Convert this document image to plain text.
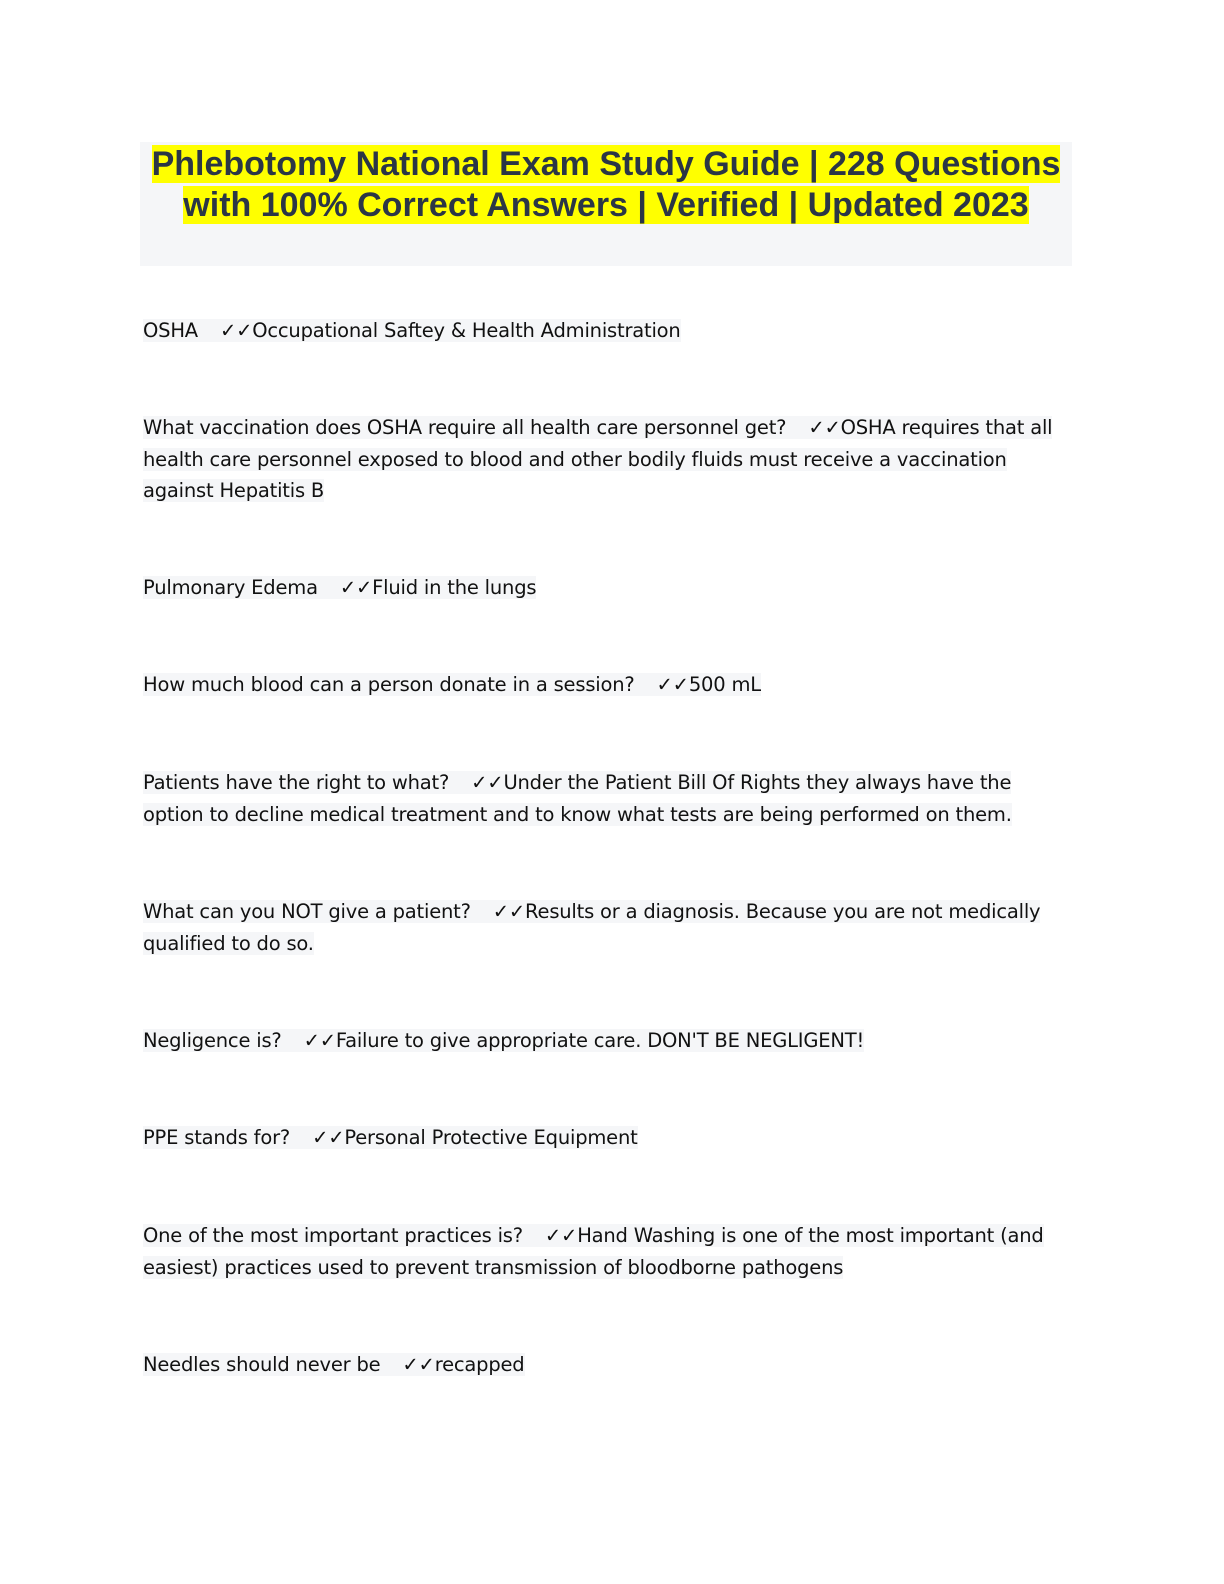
Phlebotomy National Exam Study Guide | 228 Questions with 100% Correct Answers | Verified | Updated 2023
OSHA ✓✓Occupational Saftey & Health Administration
What vaccination does OSHA require all health care personnel get? ✓✓OSHA requires that all health care personnel exposed to blood and other bodily fluids must receive a vaccination against Hepatitis B
Pulmonary Edema ✓✓Fluid in the lungs
How much blood can a person donate in a session? ✓✓500 mL
Patients have the right to what? ✓✓Under the Patient Bill Of Rights they always have the option to decline medical treatment and to know what tests are being performed on them.
What can you NOT give a patient? ✓✓Results or a diagnosis. Because you are not medically qualified to do so.
Negligence is? ✓✓Failure to give appropriate care. DON'T BE NEGLIGENT!
PPE stands for? ✓✓Personal Protective Equipment
One of the most important practices is? ✓✓Hand Washing is one of the most important (and easiest) practices used to prevent transmission of bloodborne pathogens
Needles should never be ✓✓recapped
